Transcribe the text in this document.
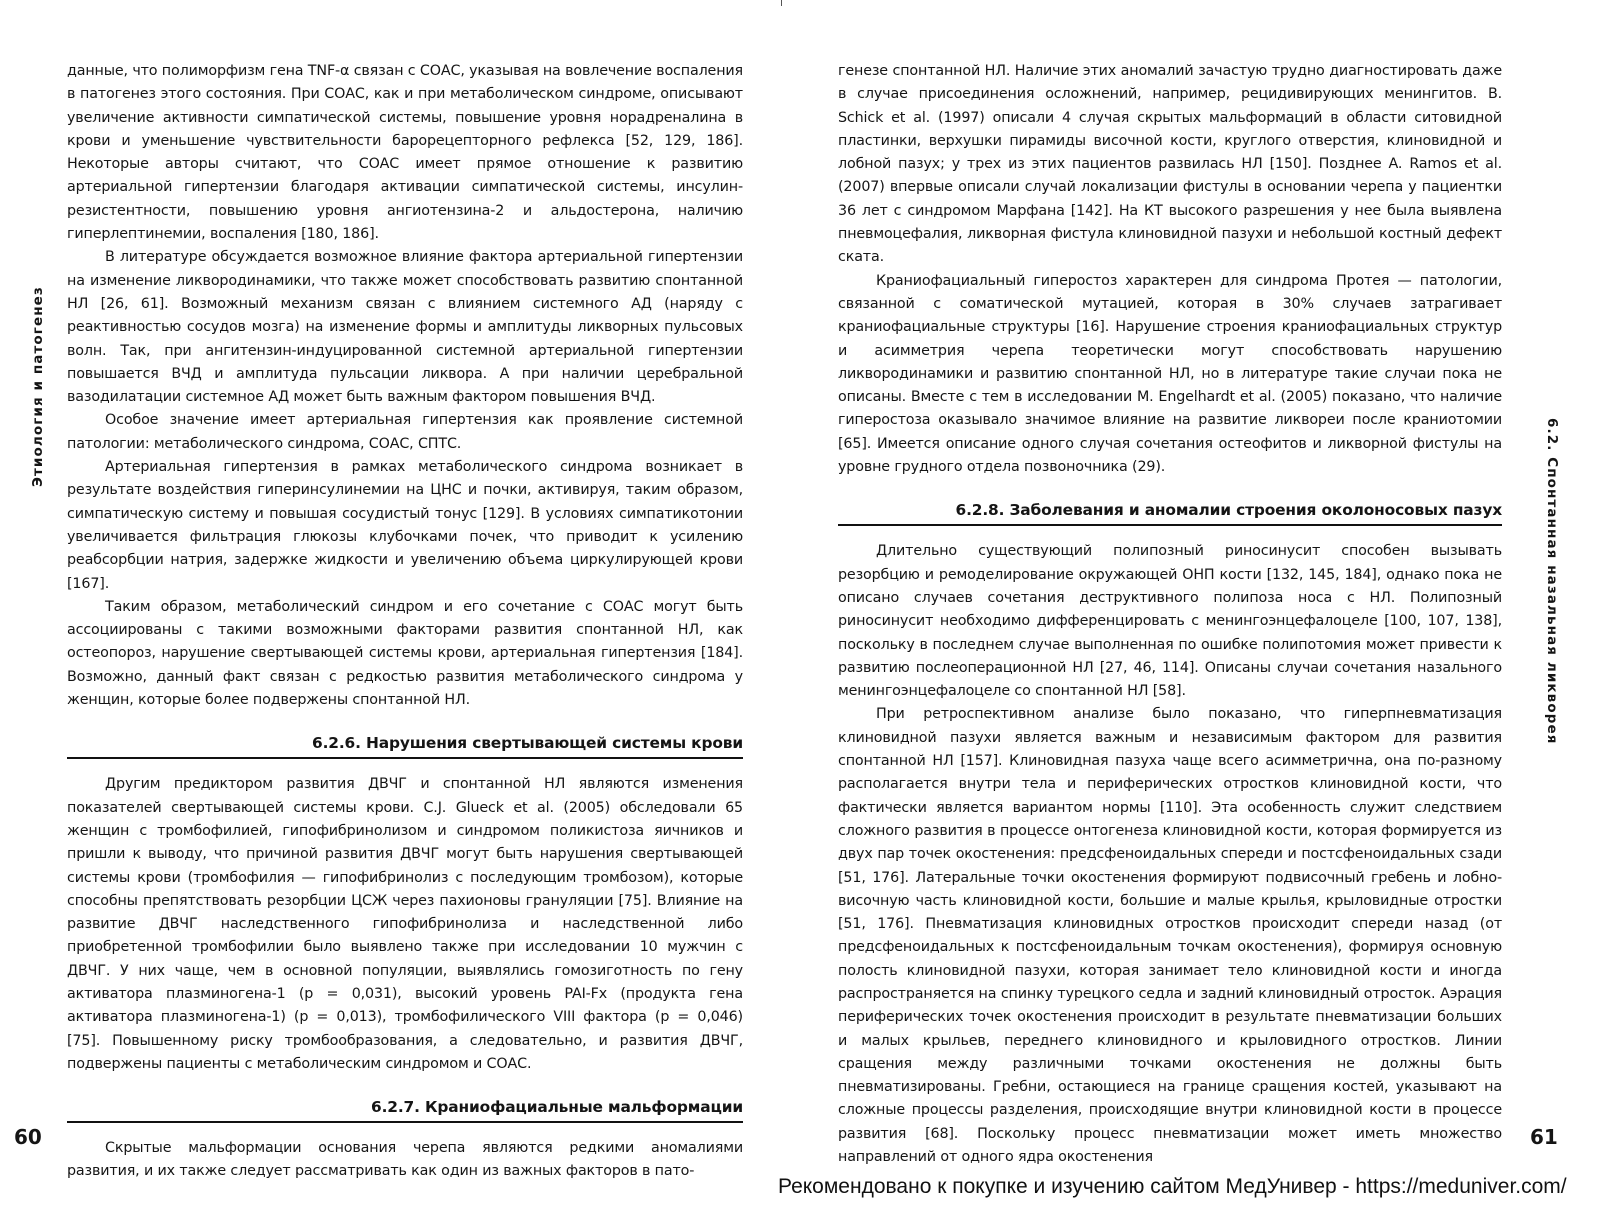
Этиология и патогенез

данные, что полиморфизм гена TNF-α связан с СОАС, указывая на вовлечение воспаления в патогенез этого состояния. При СОАС, как и при метаболическом синдроме, описывают увеличение активности симпатической системы, повышение уровня норадреналина в крови и уменьшение чувствительности барорецепторного рефлекса [52, 129, 186]. Некоторые авторы считают, что СОАС имеет прямое отношение к развитию артериальной гипертензии благодаря активации симпатической системы, инсулин-резистентности, повышению уровня ангиотензина-2 и альдостерона, наличию гиперлептинемии, воспаления [180, 186].

В литературе обсуждается возможное влияние фактора артериальной гипертензии на изменение ликвородинамики, что также может способствовать развитию спонтанной НЛ [26, 61]. Возможный механизм связан с влиянием системного АД (наряду с реактивностью сосудов мозга) на изменение формы и амплитуды ликворных пульсовых волн. Так, при ангитензин-индуцированной системной артериальной гипертензии повышается ВЧД и амплитуда пульсации ликвора. А при наличии церебральной вазодилатации системное АД может быть важным фактором повышения ВЧД.

Особое значение имеет артериальная гипертензия как проявление системной патологии: метаболического синдрома, СОАС, СПТС.

Артериальная гипертензия в рамках метаболического синдрома возникает в результате воздействия гиперинсулинемии на ЦНС и почки, активируя, таким образом, симпатическую систему и повышая сосудистый тонус [129]. В условиях симпатикотонии увеличивается фильтрация глюкозы клубочками почек, что приводит к усилению реабсорбции натрия, задержке жидкости и увеличению объема циркулирующей крови [167].

Таким образом, метаболический синдром и его сочетание с СОАС могут быть ассоциированы с такими возможными факторами развития спонтанной НЛ, как остеопороз, нарушение свертывающей системы крови, артериальная гипертензия [184]. Возможно, данный факт связан с редкостью развития метаболического синдрома у женщин, которые более подвержены спонтанной НЛ.

6.2.6. Нарушения свертывающей системы крови

Другим предиктором развития ДВЧГ и спонтанной НЛ являются изменения показателей свертывающей системы крови. C.J. Glueck et al. (2005) обследовали 65 женщин с тромбофилией, гипофибринолизом и синдромом поликистоза яичников и пришли к выводу, что причиной развития ДВЧГ могут быть нарушения свертывающей системы крови (тромбофилия — гипофибринолиз с последующим тромбозом), которые способны препятствовать резорбции ЦСЖ через пахионовы грануляции [75]. Влияние на развитие ДВЧГ наследственного гипофибринолиза и наследственной либо приобретенной тромбофилии было выявлено также при исследовании 10 мужчин с ДВЧГ. У них чаще, чем в основной популяции, выявлялись гомозиготность по гену активатора плазминогена-1 (p = 0,031), высокий уровень PAI-Fx (продукта гена активатора плазминогена-1) (p = 0,013), тромбофилического VIII фактора (p = 0,046) [75]. Повышенному риску тромбообразования, а следовательно, и развития ДВЧГ, подвержены пациенты с метаболическим синдромом и СОАС.

6.2.7. Краниофациальные мальформации

Скрытые мальформации основания черепа являются редкими аномалиями развития, и их также следует рассматривать как один из важных факторов в пато-

60

генезе спонтанной НЛ. Наличие этих аномалий зачастую трудно диагностировать даже в случае присоединения осложнений, например, рецидивирующих менингитов. B. Schick et al. (1997) описали 4 случая скрытых мальформаций в области ситовидной пластинки, верхушки пирамиды височной кости, круглого отверстия, клиновидной и лобной пазух; у трех из этих пациентов развилась НЛ [150]. Позднее A. Ramos et al. (2007) впервые описали случай локализации фистулы в основании черепа у пациентки 36 лет с синдромом Марфана [142]. На КТ высокого разрешения у нее была выявлена пневмоцефалия, ликворная фистула клиновидной пазухи и небольшой костный дефект ската.

Краниофациальный гиперостоз характерен для синдрома Протея — патологии, связанной с соматической мутацией, которая в 30% случаев затрагивает краниофациальные структуры [16]. Нарушение строения краниофациальных структур и асимметрия черепа теоретически могут способствовать нарушению ликвородинамики и развитию спонтанной НЛ, но в литературе такие случаи пока не описаны. Вместе с тем в исследовании M. Engelhardt et al. (2005) показано, что наличие гиперостоза оказывало значимое влияние на развитие ликвореи после краниотомии [65]. Имеется описание одного случая сочетания остеофитов и ликворной фистулы на уровне грудного отдела позвоночника (29).

6.2.8. Заболевания и аномалии строения околоносовых пазух

Длительно существующий полипозный риносинусит способен вызывать резорбцию и ремоделирование окружающей ОНП кости [132, 145, 184], однако пока не описано случаев сочетания деструктивного полипоза носа с НЛ. Полипозный риносинусит необходимо дифференцировать с менингоэнцефалоцеле [100, 107, 138], поскольку в последнем случае выполненная по ошибке полипотомия может привести к развитию послеоперационной НЛ [27, 46, 114]. Описаны случаи сочетания назального менингоэнцефалоцеле со спонтанной НЛ [58].

При ретроспективном анализе было показано, что гиперпневматизация клиновидной пазухи является важным и независимым фактором для развития спонтанной НЛ [157]. Клиновидная пазуха чаще всего асимметрична, она по-разному располагается внутри тела и периферических отростков клиновидной кости, что фактически является вариантом нормы [110]. Эта особенность служит следствием сложного развития в процессе онтогенеза клиновидной кости, которая формируется из двух пар точек окостенения: предсфеноидальных спереди и постсфеноидальных сзади [51, 176]. Латеральные точки окостенения формируют подвисочный гребень и лобно-височную часть клиновидной кости, большие и малые крылья, крыловидные отростки [51, 176]. Пневматизация клиновидных отростков происходит спереди назад (от предсфеноидальных к постсфеноидальным точкам окостенения), формируя основную полость клиновидной пазухи, которая занимает тело клиновидной кости и иногда распространяется на спинку турецкого седла и задний клиновидный отросток. Аэрация периферических точек окостенения происходит в результате пневматизации больших и малых крыльев, переднего клиновидного и крыловидного отростков. Линии сращения между различными точками окостенения не должны быть пневматизированы. Гребни, остающиеся на границе сращения костей, указывают на сложные процессы разделения, происходящие внутри клиновидной кости в процессе развития [68]. Поскольку процесс пневматизации может иметь множество направлений от одного ядра окостенения

6.2. Спонтанная назальная ликворея
61
Рекомендовано к покупке и изучению сайтом МедУнивер - https://meduniver.com/
